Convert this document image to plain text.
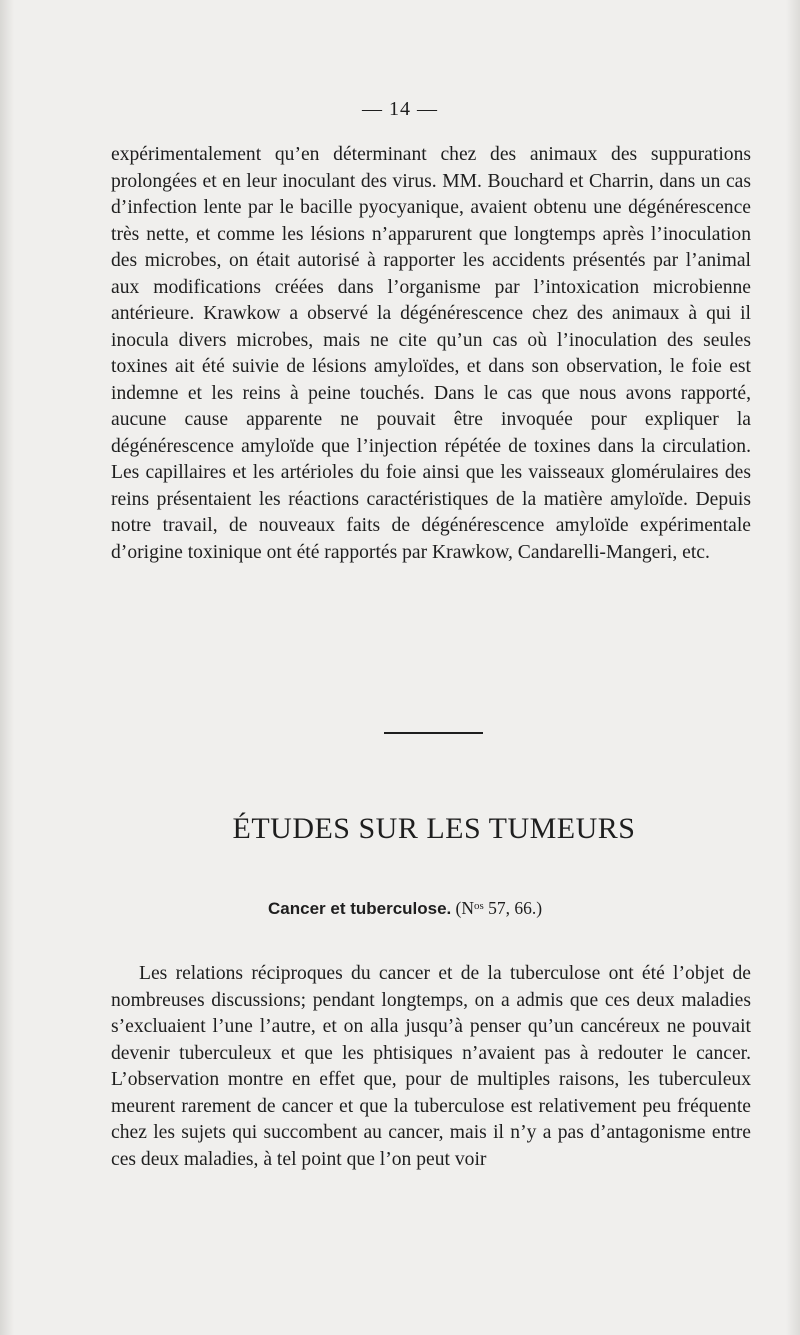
— 14 —

expérimentalement qu’en déterminant chez des animaux des suppurations prolongées et en leur inoculant des virus. MM. Bouchard et Charrin, dans un cas d’infection lente par le bacille pyocyanique, avaient obtenu une dégénérescence très nette, et comme les lésions n’apparurent que longtemps après l’inoculation des microbes, on était autorisé à rapporter les accidents présentés par l’animal aux modifications créées dans l’organisme par l’intoxication microbienne antérieure. Krawkow a observé la dégénérescence chez des animaux à qui il inocula divers microbes, mais ne cite qu’un cas où l’inoculation des seules toxines ait été suivie de lésions amyloïdes, et dans son observation, le foie est indemne et les reins à peine touchés. Dans le cas que nous avons rapporté, aucune cause apparente ne pouvait être invoquée pour expliquer la dégénérescence amyloïde que l’injection répétée de toxines dans la circulation. Les capillaires et les artérioles du foie ainsi que les vaisseaux glomérulaires des reins présentaient les réactions caractéristiques de la matière amyloïde. Depuis notre travail, de nouveaux faits de dégénérescence amyloïde expérimentale d’origine toxinique ont été rapportés par Krawkow, Candarelli-Mangeri, etc.

ÉTUDES SUR LES TUMEURS
Cancer et tuberculose. ($N^{os}$ 57, 66.)

Les relations réciproques du cancer et de la tuberculose ont été l’objet de nombreuses discussions; pendant longtemps, on a admis que ces deux maladies s’excluaient l’une l’autre, et on alla jusqu’à penser qu’un cancéreux ne pouvait devenir tuberculeux et que les phtisiques n’avaient pas à redouter le cancer. L’observation montre en effet que, pour de multiples raisons, les tuberculeux meurent rarement de cancer et que la tuberculose est relativement peu fréquente chez les sujets qui succombent au cancer, mais il n’y a pas d’antagonisme entre ces deux maladies, à tel point que l’on peut voir
